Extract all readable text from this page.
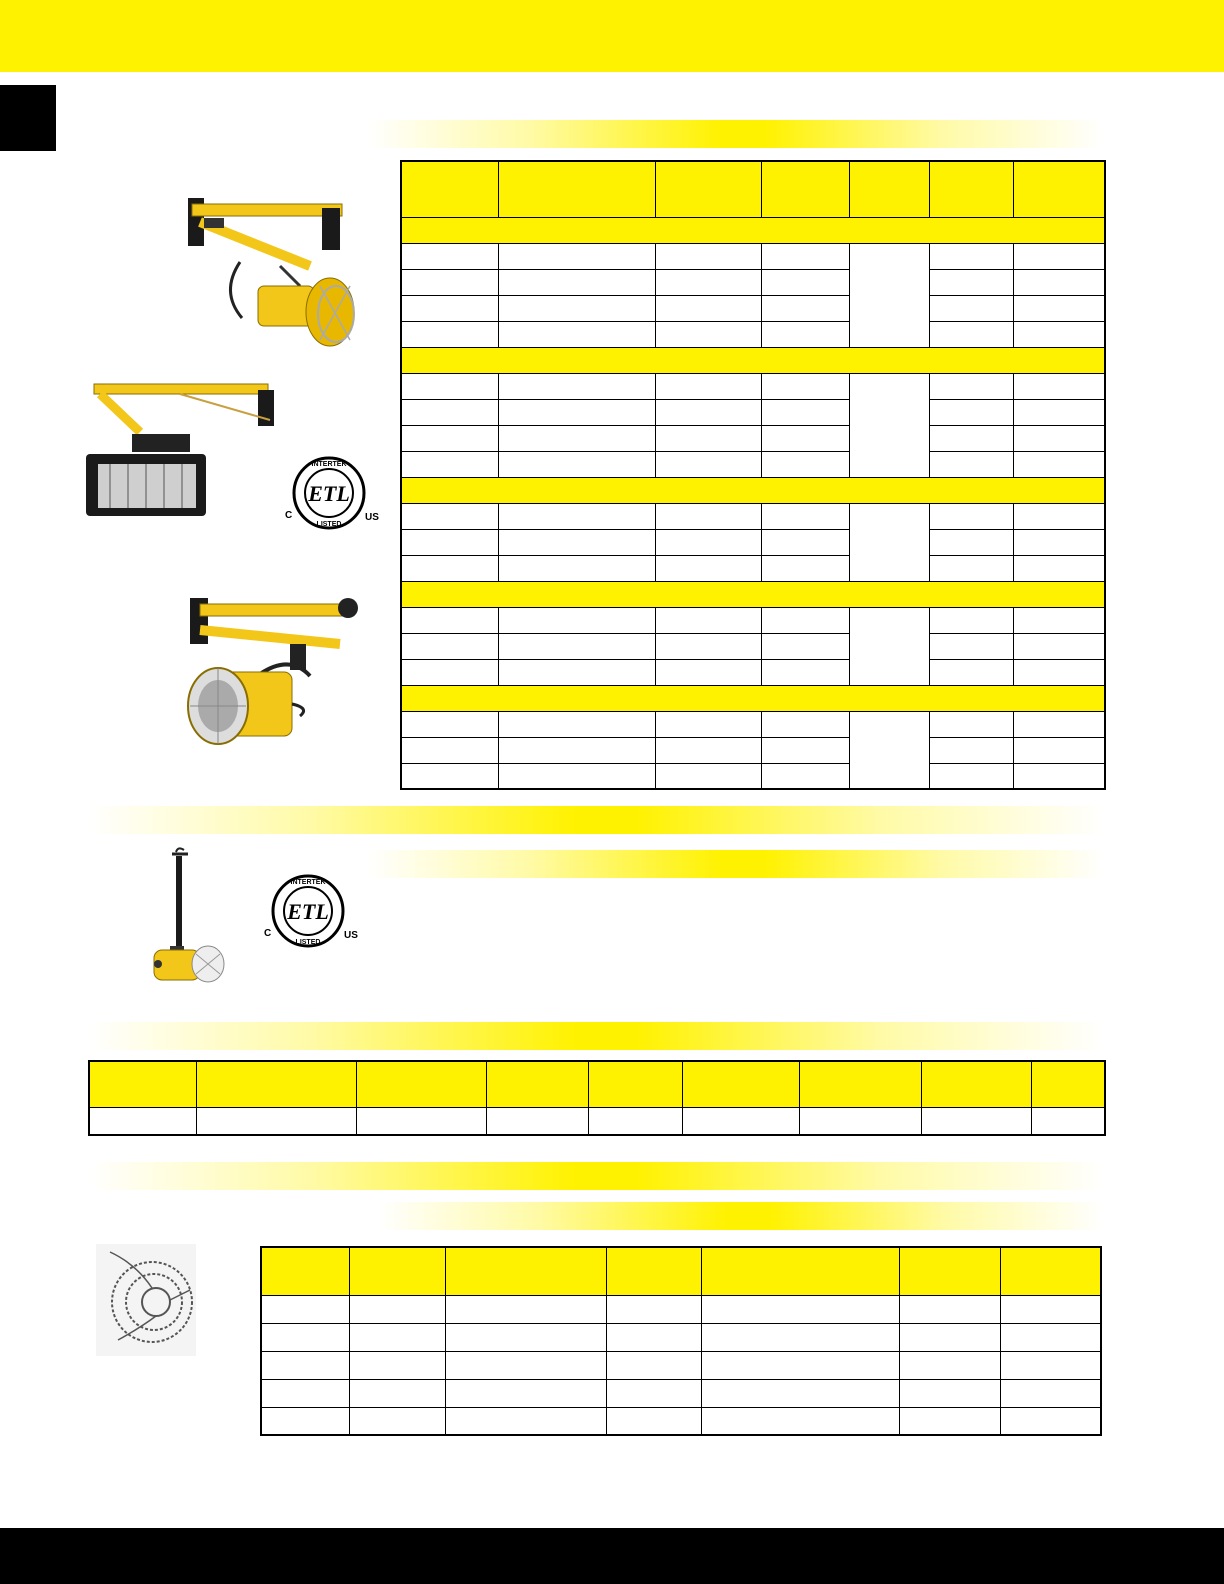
INTERTEK
ETL
LISTED
C	US

INTERTEK
ETL
LISTED
C	US
